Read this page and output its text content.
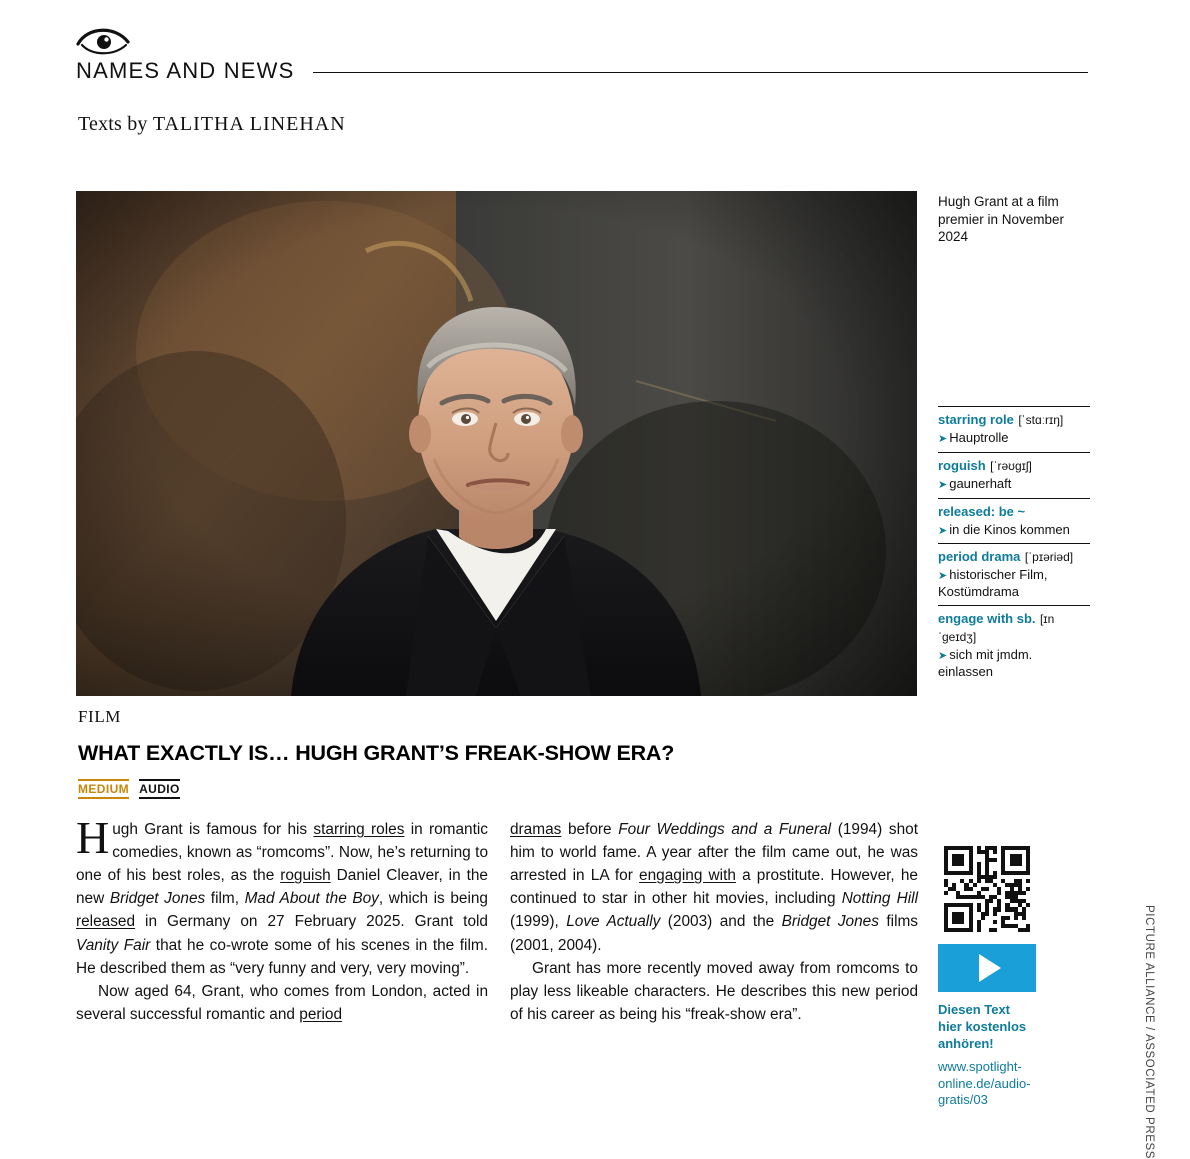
NAMES AND NEWS
Texts by TALITHA LINEHAN
Hugh Grant at a film premier in November 2024
starring role [ˈstɑːrɪŋ]
➤ Hauptrolle
roguish [ˈrəʊgɪʃ]
➤ gaunerhaft
released: be ~
➤ in die Kinos kommen
period drama [ˈpɪəriəd]
➤ historischer Film, Kostümdrama
engage with sb. [ɪnˈgeɪdʒ]
➤ sich mit jmdm. einlassen
FILM
WHAT EXACTLY IS… HUGH GRANT’S FREAK-SHOW ERA?
MEDIUM AUDIO

Hugh Grant is famous for his starring roles in romantic comedies, known as “romcoms”. Now, he’s returning to one of his best roles, as the roguish Daniel Cleaver, in the new Bridget Jones film, Mad About the Boy, which is being released in Germany on 27 February 2025. Grant told Vanity Fair that he co-wrote some of his scenes in the film. He described them as “very funny and very, very moving”.

Now aged 64, Grant, who comes from London, acted in several successful romantic and period

dramas before Four Weddings and a Funeral (1994) shot him to world fame. A year after the film came out, he was arrested in LA for engaging with a prostitute. However, he continued to star in other hit movies, including Notting Hill (1999), Love Actually (2003) and the Bridget Jones films (2001, 2004).

Grant has more recently moved away from romcoms to play less likeable characters. He describes this new period of his career as being his “freak-show era”.	Diesen Text hier kostenlos anhören!
www.spotlight-online.de/audio-gratis/03	PICTURE ALLIANCE / ASSOCIATED PRESS
